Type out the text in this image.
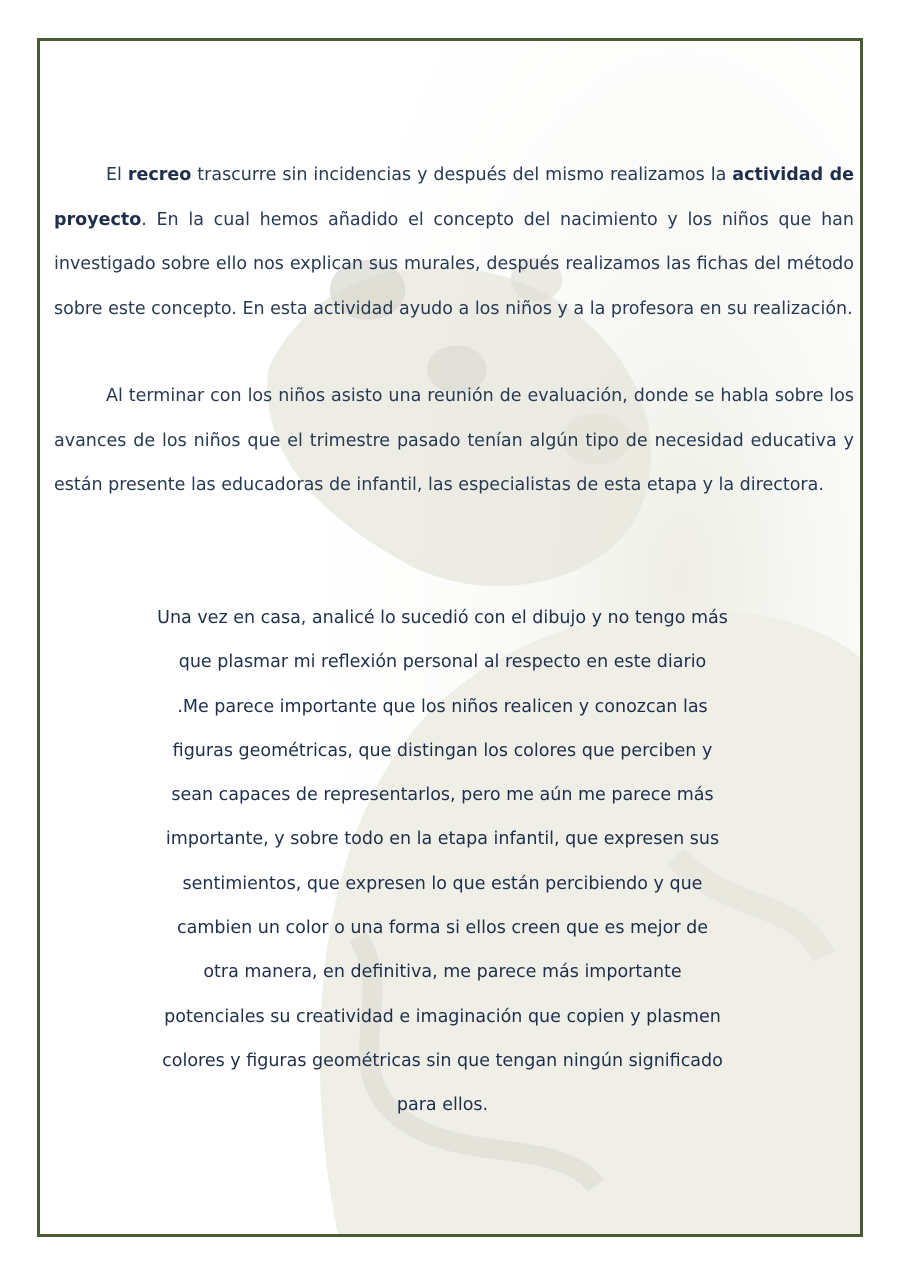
El recreo trascurre sin incidencias y después del mismo realizamos la actividad de proyecto. En la cual hemos añadido el concepto del nacimiento y los niños que han investigado sobre ello nos explican sus murales, después realizamos las fichas del método sobre este concepto. En esta actividad ayudo a los niños y a la profesora en su realización.

Al terminar con los niños asisto una reunión de evaluación, donde se habla sobre los avances de los niños que el trimestre pasado tenían algún tipo de necesidad educativa y están presente las educadoras de infantil, las especialistas de esta etapa y la directora.

Una vez en casa, analicé lo sucedió con el dibujo y no tengo más
que plasmar mi reflexión personal al respecto en este diario
.Me parece importante que los niños realicen y conozcan las
figuras geométricas, que distingan los colores que perciben y
sean capaces de representarlos, pero me aún me parece más
importante, y sobre todo en la etapa infantil, que expresen sus
sentimientos, que expresen lo que están percibiendo y que
cambien un color o una forma si ellos creen que es mejor de
otra manera, en definitiva, me parece más importante
potenciales su creatividad e imaginación que copien y plasmen
colores y figuras geométricas sin que tengan ningún significado
para ellos.
